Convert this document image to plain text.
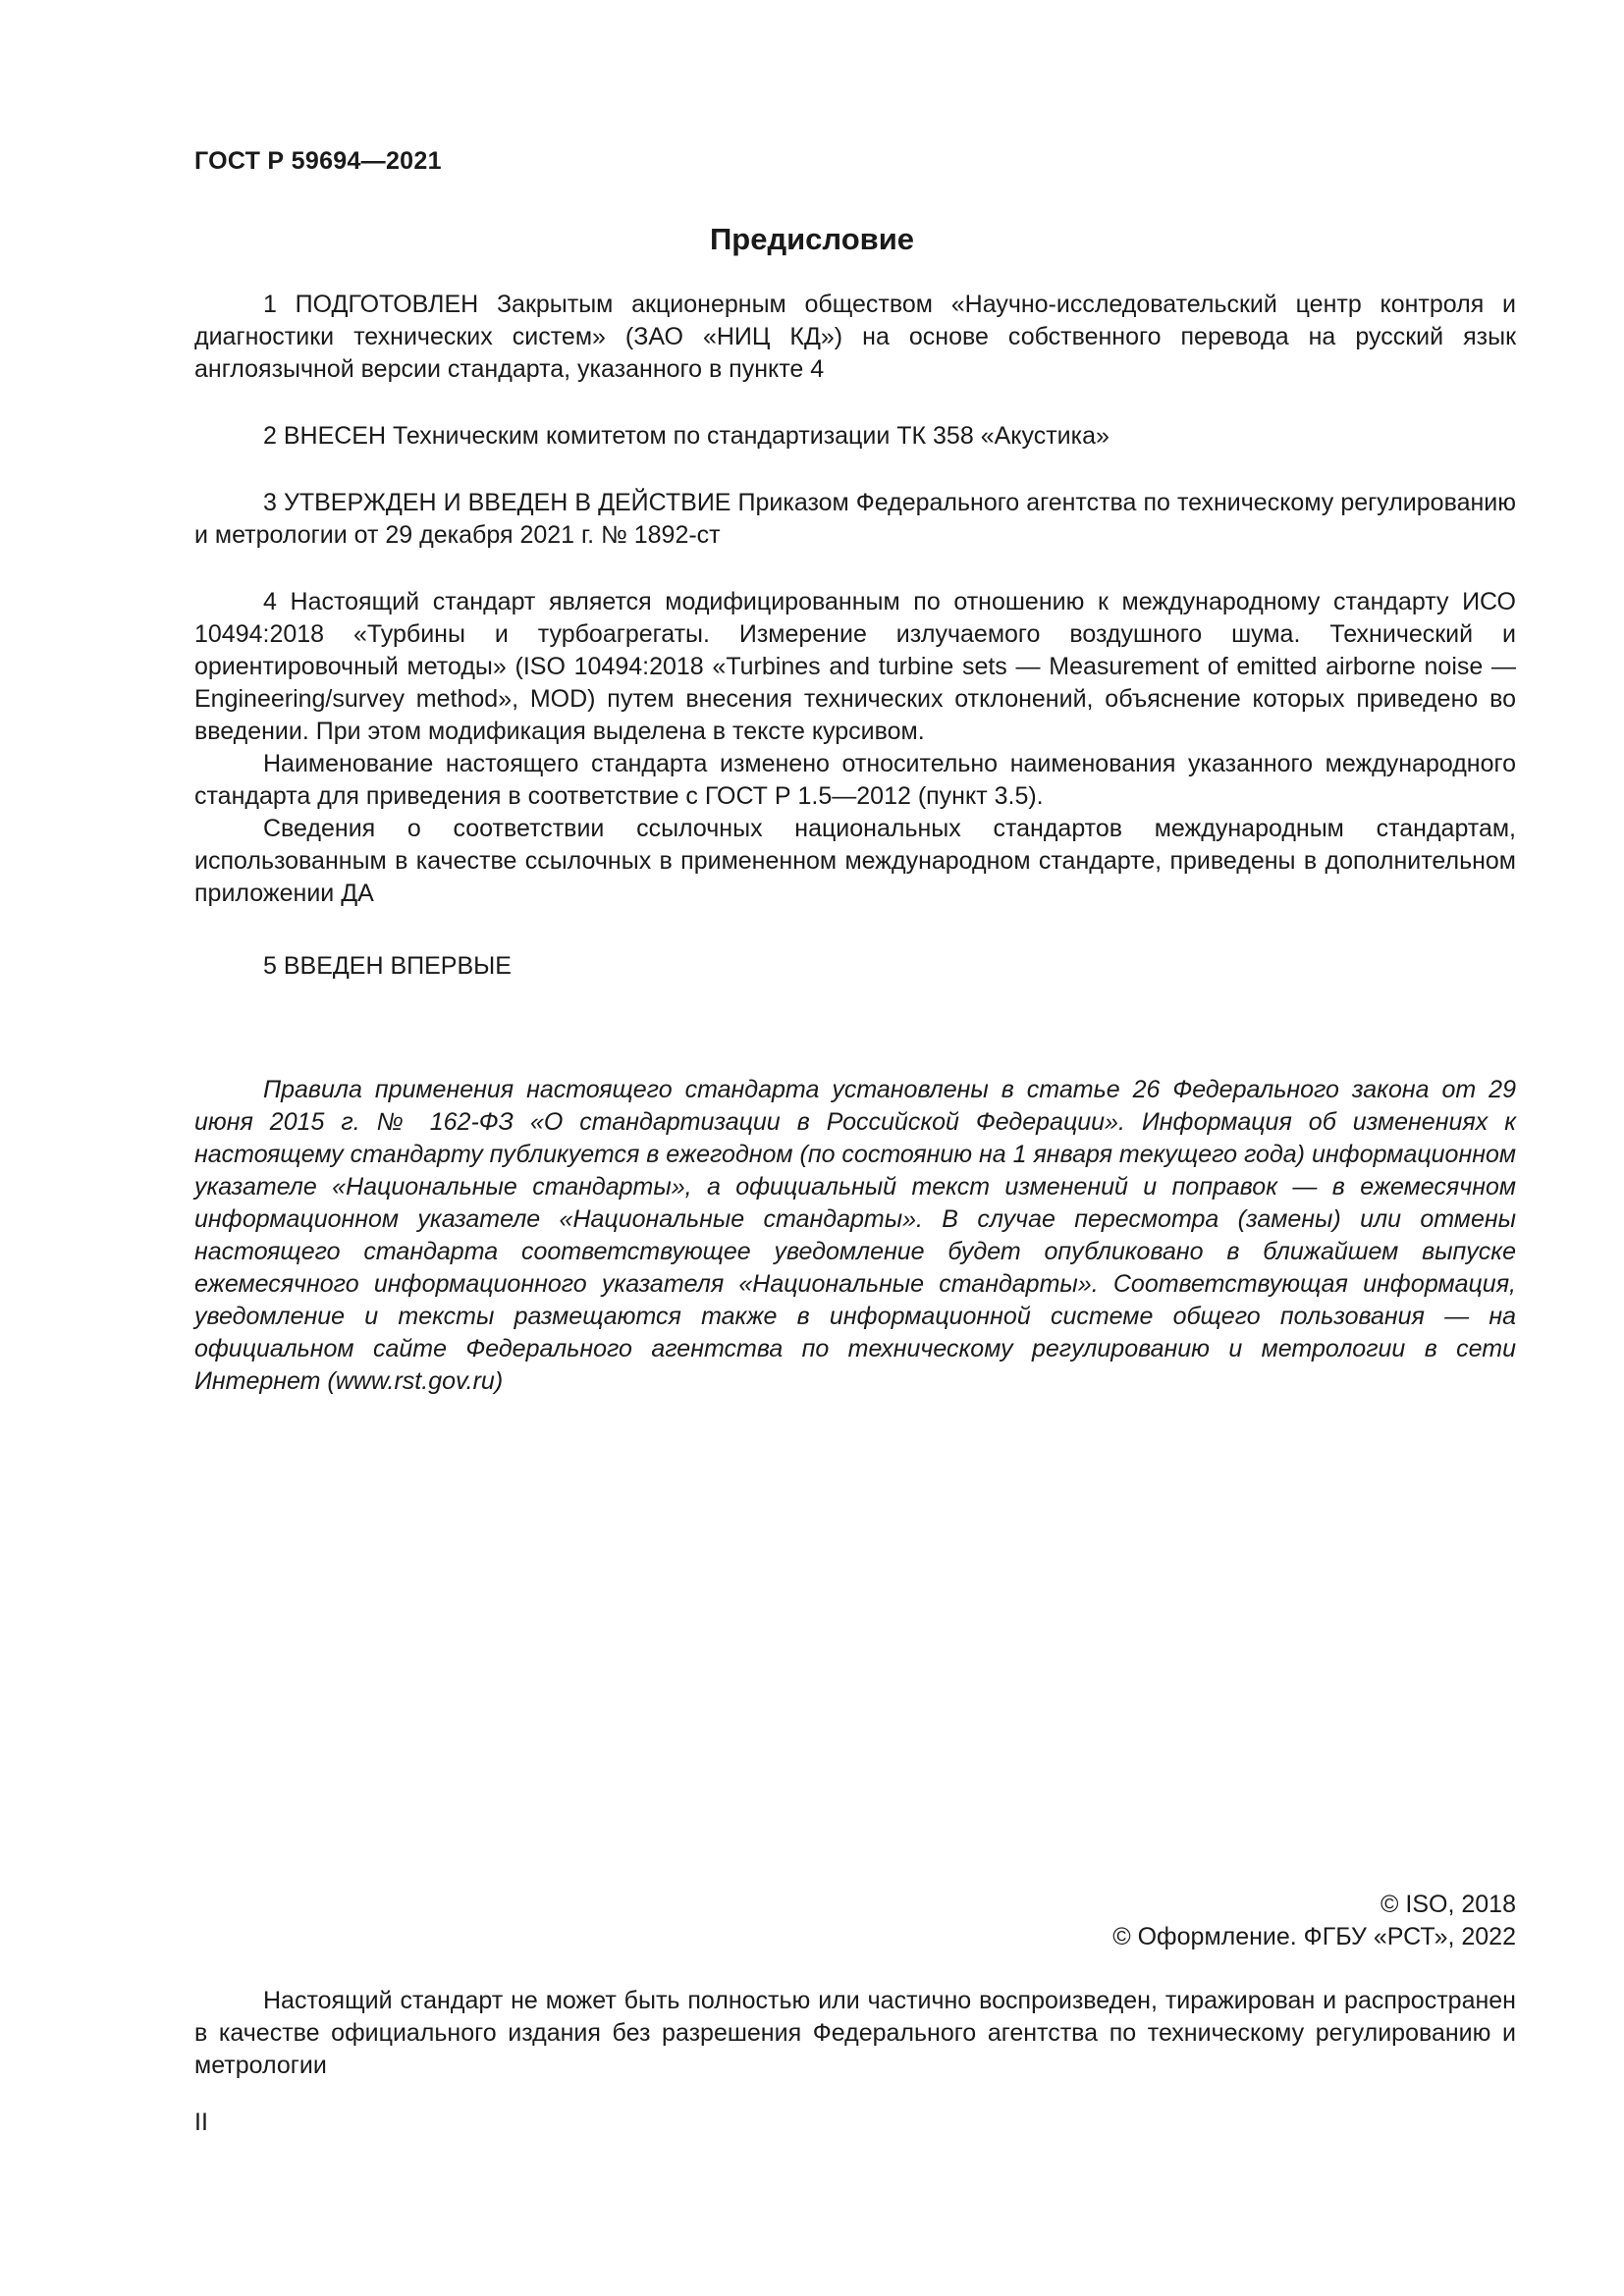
ГОСТ Р 59694—2021
Предисловие

1 ПОДГОТОВЛЕН Закрытым акционерным обществом «Научно-исследовательский центр контроля и диагностики технических систем» (ЗАО «НИЦ КД») на основе собственного перевода на русский язык англоязычной версии стандарта, указанного в пункте 4

2 ВНЕСЕН Техническим комитетом по стандартизации ТК 358 «Акустика»

3 УТВЕРЖДЕН И ВВЕДЕН В ДЕЙСТВИЕ Приказом Федерального агентства по техническому регулированию и метрологии от 29 декабря 2021 г. № 1892-ст

4 Настоящий стандарт является модифицированным по отношению к международному стандарту ИСО 10494:2018 «Турбины и турбоагрегаты. Измерение излучаемого воздушного шума. Технический и ориентировочный методы» (ISO 10494:2018 «Turbines and turbine sets — Measurement of emitted airborne noise — Engineering/survey method», MOD) путем внесения технических отклонений, объяснение которых приведено во введении. При этом модификация выделена в тексте курсивом.

Наименование настоящего стандарта изменено относительно наименования указанного международного стандарта для приведения в соответствие с ГОСТ Р 1.5—2012 (пункт 3.5).

Сведения о соответствии ссылочных национальных стандартов международным стандартам, использованным в качестве ссылочных в примененном международном стандарте, приведены в дополнительном приложении ДА

5 ВВЕДЕН ВПЕРВЫЕ

Правила применения настоящего стандарта установлены в статье 26 Федерального закона от 29 июня 2015 г. № 162-ФЗ «О стандартизации в Российской Федерации». Информация об изменениях к настоящему стандарту публикуется в ежегодном (по состоянию на 1 января текущего года) информационном указателе «Национальные стандарты», а официальный текст изменений и поправок — в ежемесячном информационном указателе «Национальные стандарты». В случае пересмотра (замены) или отмены настоящего стандарта соответствующее уведомление будет опубликовано в ближайшем выпуске ежемесячного информационного указателя «Национальные стандарты». Соответствующая информация, уведомление и тексты размещаются также в информационной системе общего пользования — на официальном сайте Федерального агентства по техническому регулированию и метрологии в сети Интернет (www.rst.gov.ru)

© ISO, 2018
© Оформление. ФГБУ «РСТ», 2022

Настоящий стандарт не может быть полностью или частично воспроизведен, тиражирован и распространен в качестве официального издания без разрешения Федерального агентства по техническому регулированию и метрологии

II
